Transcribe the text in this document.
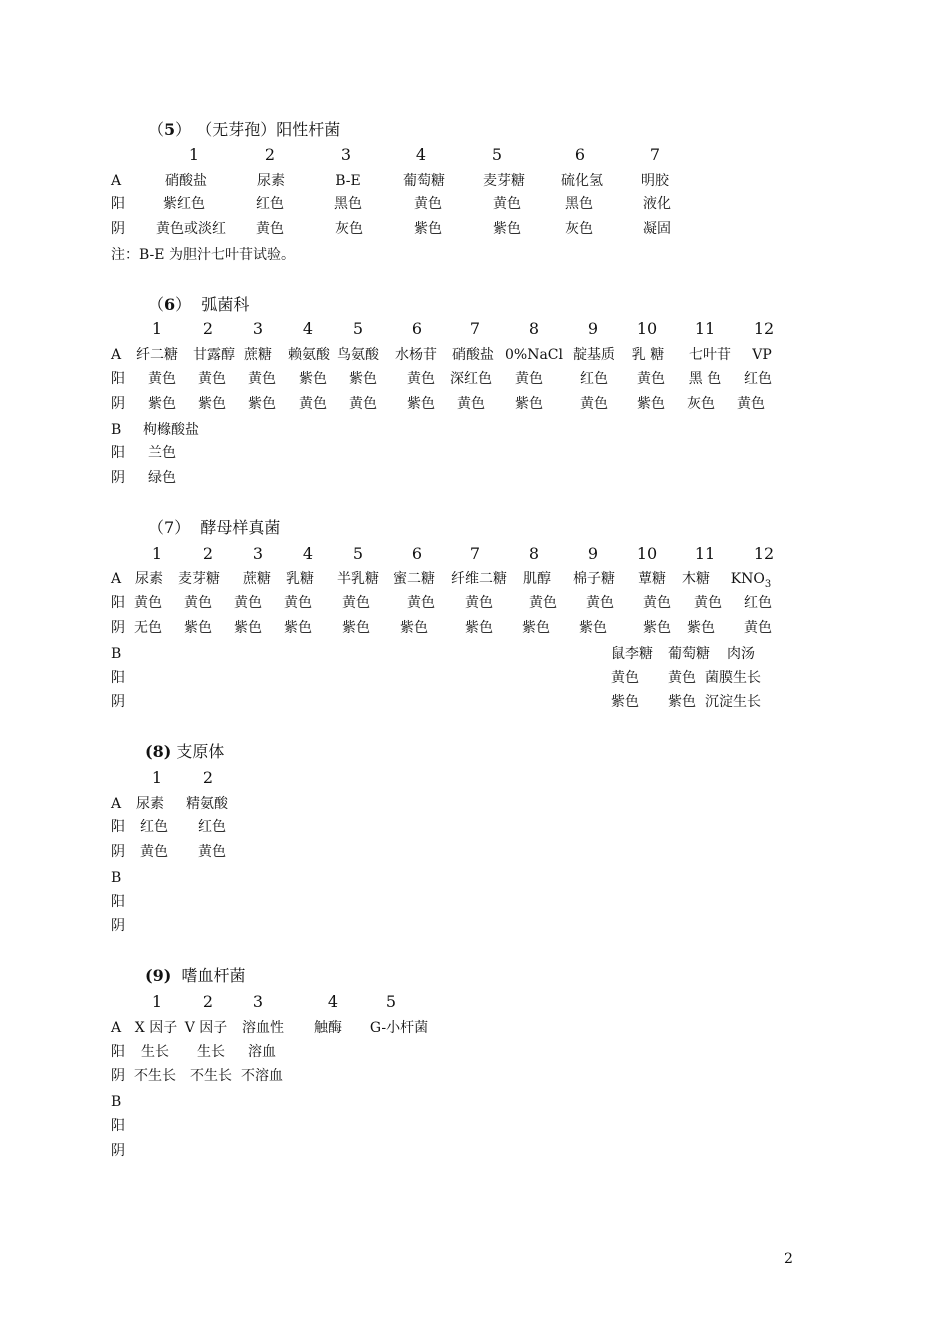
（5） （无芽孢）阳性杆菌
1	2	3	4	5	6	7
A	硝酸盐	尿素	B-E	葡萄糖	麦芽糖	硫化氢	明胶
阳	紫红色	红色	黑色	黄色	黄色	黑色	液化
阴 黄色或淡红 黄色	灰色	紫色	紫色	灰色	凝固
注：B-E 为胆汁七叶苷试验。
（6） 弧菌科
1	2 3 4 5	6	7	8	9 10 11 12
A 纤二糖 甘露醇 蔗糖 赖氨酸 鸟氨酸 水杨苷 硝酸盐 0%NaCl 靛基质 乳 糖 七叶苷 VP
阳 黄色 黄色 黄色 紫色 紫色 黄色 深红色 黄色	红色 黄色 黑 色 红色
阴 紫色 紫色 紫色 黄色 黄色 紫色 黄色 紫色	黄色 紫色 灰色 黄色
B 枸橼酸盐
阳 兰色
阴 绿色
（7） 酵母样真菌
1	2 3 4 5	6	7	8	9 10 11 12
A 尿素 麦芽糖 蔗糖 乳糖 半乳糖 蜜二糖 纤维二糖 肌醇 棉子糖 蕈糖 木糖 $KNO_3$
阳 黄色 黄色 黄色 黄色 黄色	黄色 黄色	黄色 黄色 黄色 黄色 红色
阴 无色 紫色 紫色 紫色 紫色 紫色	紫色 紫色 紫色	紫色 紫色 黄色
B	鼠李糖 葡萄糖 肉汤
阳	黄色 黄色 菌膜生长
阴	紫色 紫色 沉淀生长
(8) 支原体
1	2
A 尿素 精氨酸
阳 红色 红色
阴 黄色 黄色
B
阳
阴
(9) 嗜血杆菌
1	2 3	4	5
A X 因子 V 因子 溶血性 触酶 G-小杆菌
阳 生长 生长 溶血
阴 不生长 不生长 不溶血
B
阳
阴
2
